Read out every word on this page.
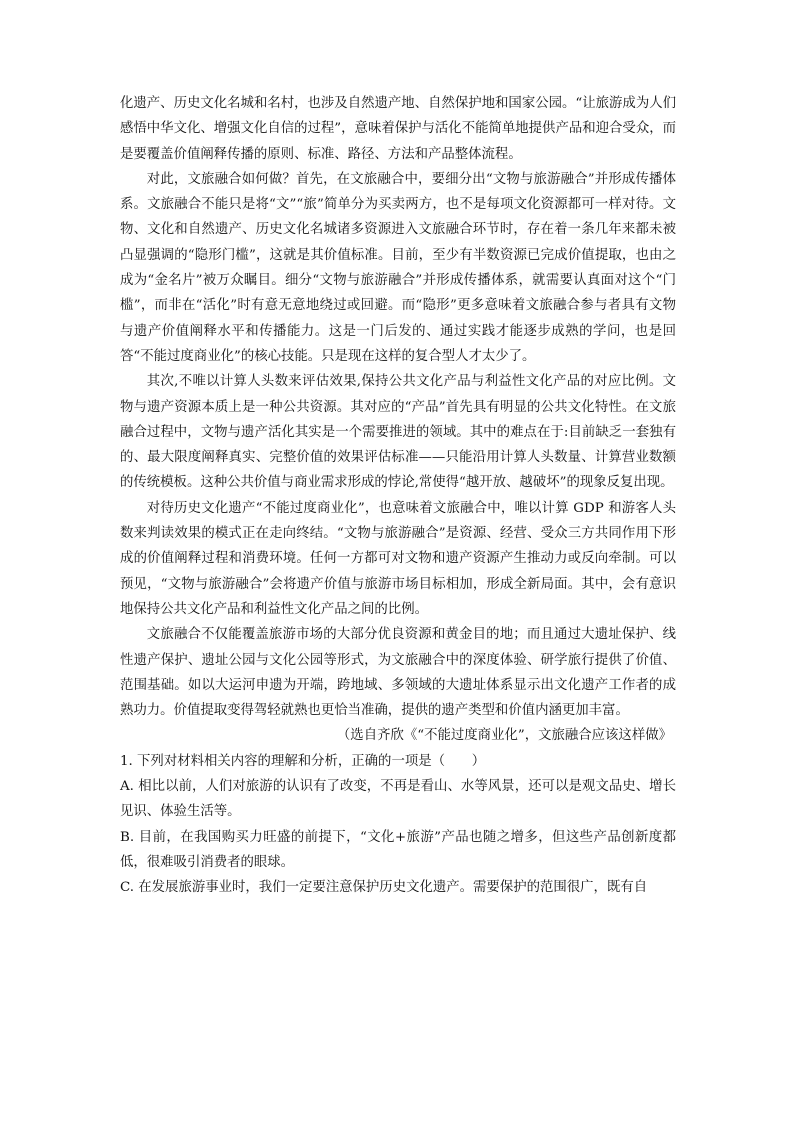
化遗产、历史文化名城和名村，也涉及自然遗产地、自然保护地和国家公园。“让旅游成为人们感悟中华文化、增强文化自信的过程”，意味着保护与活化不能简单地提供产品和迎合受众，而是要覆盖价值阐释传播的原则、标准、路径、方法和产品整体流程。

对此，文旅融合如何做？首先，在文旅融合中，要细分出“文物与旅游融合”并形成传播体系。文旅融合不能只是将“文”“旅”简单分为买卖两方，也不是每项文化资源都可一样对待。文物、文化和自然遗产、历史文化名城诸多资源进入文旅融合环节时，存在着一条几年来都未被凸显强调的“隐形门槛”，这就是其价值标准。目前，至少有半数资源已完成价值提取，也由之成为“金名片”被万众瞩目。细分“文物与旅游融合”并形成传播体系，就需要认真面对这个“门槛”，而非在“活化”时有意无意地绕过或回避。而“隐形”更多意味着文旅融合参与者具有文物与遗产价值阐释水平和传播能力。这是一门后发的、通过实践才能逐步成熟的学问，也是回答“不能过度商业化”的核心技能。只是现在这样的复合型人才太少了。

其次,不唯以计算人头数来评估效果,保持公共文化产品与利益性文化产品的对应比例。文物与遗产资源本质上是一种公共资源。其对应的“产品”首先具有明显的公共文化特性。在文旅融合过程中，文物与遗产活化其实是一个需要推进的领域。其中的难点在于:目前缺乏一套独有的、最大限度阐释真实、完整价值的效果评估标准——只能沿用计算人头数量、计算营业数额的传统模板。这种公共价值与商业需求形成的悖论,常使得“越开放、越破坏”的现象反复出现。

对待历史文化遗产“不能过度商业化”，也意味着文旅融合中，唯以计算 GDP 和游客人头数来判读效果的模式正在走向终结。“文物与旅游融合”是资源、经营、受众三方共同作用下形成的价值阐释过程和消费环境。任何一方都可对文物和遗产资源产生推动力或反向牵制。可以预见，“文物与旅游融合”会将遗产价值与旅游市场目标相加，形成全新局面。其中，会有意识地保持公共文化产品和利益性文化产品之间的比例。

文旅融合不仅能覆盖旅游市场的大部分优良资源和黄金目的地；而且通过大遗址保护、线性遗产保护、遗址公园与文化公园等形式，为文旅融合中的深度体验、研学旅行提供了价值、范围基础。如以大运河申遗为开端，跨地域、多领域的大遗址体系显示出文化遗产工作者的成熟功力。价值提取变得驾轻就熟也更恰当准确，提供的遗产类型和价值内涵更加丰富。

（选自齐欣《“不能过度商业化”，文旅融合应该这样做》

1. 下列对材料相关内容的理解和分析，正确的一项是（　　）

A. 相比以前，人们对旅游的认识有了改变，不再是看山、水等风景，还可以是观文品史、增长见识、体验生活等。

B. 目前，在我国购买力旺盛的前提下，“文化+旅游”产品也随之增多，但这些产品创新度都低，很难吸引消费者的眼球。

C. 在发展旅游事业时，我们一定要注意保护历史文化遗产。需要保护的范围很广，既有自
